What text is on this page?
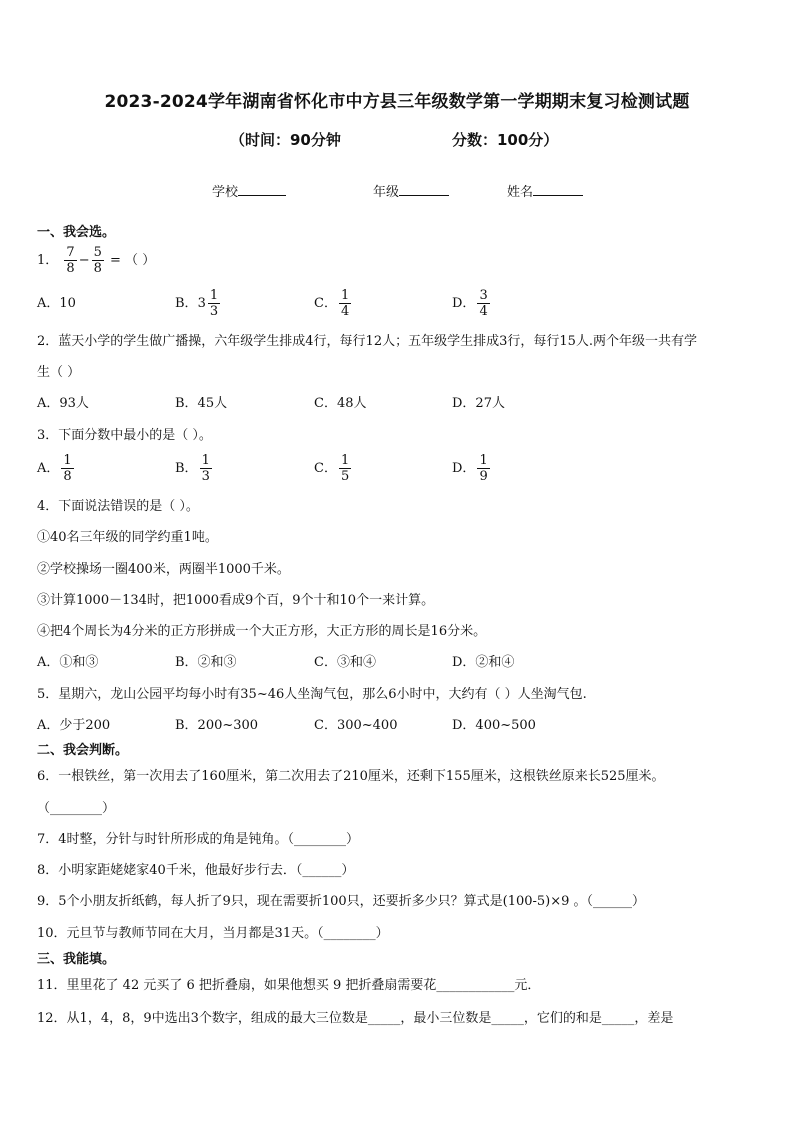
2023-2024学年湖南省怀化市中方县三年级数学第一学期期末复习检测试题
（时间：90分钟	分数：100分）
学校	年级	姓名
一、我会选。
1． $\frac{7}{8} - \frac{5}{8}$ = （ ）
A．10	B． $3 \frac{1}{3}$	C． $\frac{1}{4}$	D． $\frac{3}{4}$
2．蓝天小学的学生做广播操，六年级学生排成4行，每行12人；五年级学生排成3行，每行15人.两个年级一共有学
生（ ）
A．93人	B．45人	C．48人	D．27人
3．下面分数中最小的是（ ）。
A． $\frac{1}{8}$	B． $\frac{1}{3}$	C． $\frac{1}{5}$	D． $\frac{1}{9}$
4．下面说法错误的是（ ）。
①40名三年级的同学约重1吨。
②学校操场一圈400米，两圈半1000千米。
③计算1000－134时，把1000看成9个百，9个十和10个一来计算。
④把4个周长为4分米的正方形拼成一个大正方形，大正方形的周长是16分米。
A．①和③	B．②和③	C．③和④	D．②和④
5．星期六，龙山公园平均每小时有35~46人坐淘气包，那么6小时中，大约有（ ）人坐淘气包.
A．少于200	B．200~300	C．300~400	D．400~500
二、我会判断。
6．一根铁丝，第一次用去了160厘米，第二次用去了210厘米，还剩下155厘米，这根铁丝原来长525厘米。
（________）
7．4时整，分针与时针所形成的角是钝角。（________）
8．小明家距姥姥家40千米，他最好步行去．（______）
9．5个小朋友折纸鹤，每人折了9只，现在需要折100只，还要折多少只？算式是(100-5)×9 。（______）
10．元旦节与教师节同在大月，当月都是31天。（________）
三、我能填。
11．里里花了 42 元买了 6 把折叠扇，如果他想买 9 把折叠扇需要花____________元．
12．从1，4，8，9中选出3个数字，组成的最大三位数是_____，最小三位数是_____，它们的和是_____，差是
